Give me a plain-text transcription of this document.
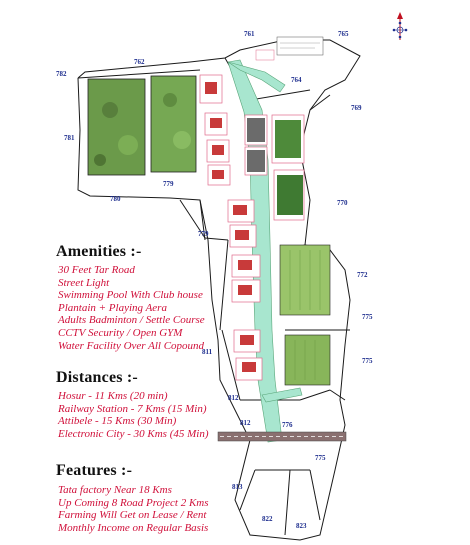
761	765
762
764
782
769
781
779
780	770
779
772
775
775
811
812
776
812
775
813
822
823
Amenities :-
30 Feet Tar Road
Street Light
Swimming Pool With Club house
Plantain + Playing Aera
Adults Badminton / Settle Course
CCTV Security / Open GYM
Water Facility Over All Copound
Distances :-
Hosur - 11 Kms (20 min)
Railway Station - 7 Kms (15 Min)
Attibele - 15 Kms (30 Min)
Electronic City - 30 Kms (45 Min)
Features :-
Tata factory Near 18 Kms
Up Coming 8 Road Project 2 Kms
Farming Will Get on Lease / Rent
Monthly Income on Regular Basis
